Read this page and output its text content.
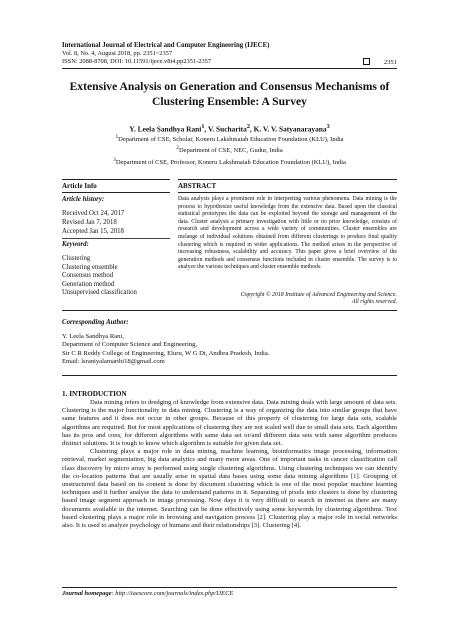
International Journal of Electrical and Computer Engineering (IJECE)
Vol. 8, No. 4, August 2018, pp. 2351~2357
ISSN: 2088-8708, DOI: 10.11591/ijece.v8i4.pp2351-2357	2351
Extensive Analysis on Generation and Consensus Mechanisms of Clustering Ensemble: A Survey
Y. Leela Sandhya Rani$^1$, V. Sucharita$^2$, K. V. V. Satyanarayana$^3$
$^1$Department of CSE, Scholar, Koneru Lakshmaiah Education Foundation (KLU), India
$^2$Department of CSE, NEC, Gudur, India
$^3$Department of CSE, Professor, Koneru Lakshmaiah Education Foundation (KLU), India
Article Info	ABSTRACT
Article history:
Received Oct 24, 2017
Revised Jan 7, 2018
Accepted Jan 15, 2018
Keyword:
Clustering
Clustering ensemble
Consensus method
Generation method
Unsupervised classification
Data analysis plays a prominent role in interpreting various phenomena. Data mining is the process to hypothesize useful knowledge from the extensive data. Based upon the classical statistical prototypes the data can be exploited beyond the storage and management of the data. Cluster analysis a primary investigation with little or no prior knowledge, consists of research and development across a wide variety of communities. Cluster ensembles are melange of individual solutions obtained from different clusterings to produce final quality clustering which is required in wider applications. The method arises in the perspective of increasing robustness, scalability and accuracy. This paper gives a brief overview of the generation methods and consensus functions included in cluster ensemble. The survey is to analyze the various techniques and cluster ensemble methods.
Copyright © 2018 Institute of Advanced Engineering and Science.
All rights reserved.
Corresponding Author:
Y. Leela Sandhya Rani,
Department of Computer Science and Engineering,
Sir C R Reddy College of Engineering, Eluru, W G Dt, Andhra Pradesh, India.
Email: lsraniyalamarthi18@gmail.com
1. INTRODUCTION

Data mining refers to dredging of knowledge from extensive data. Data mining deals with large amount of data sets. Clustering is the major functionality in data mining. Clustering is a way of organizing the data into similar groups that have same features and it does not occur in other groups. Because of this property of clustering for large data sets, scalable algorithms are required. But for most applications of clustering they are not scaled well due to small data sets. Each algorithm has its pros and cons, for different algorithms with same data set or/and different data sets with same algorithm produces distinct solutions. It is tough to know which algorithm is suitable for given data set.

Clustering plays a major role in data mining, machine learning, bioinformatics image processing, information retrieval, market segmentation, big data analytics and many more areas. One of important tasks in cancer classification call class discovery by micro array is performed using single clustering algorithms. Using clustering techniques we can identify the co-location patterns that are usually arise in spatial data bases using some data mining algorithms [1]. Grouping of unstructured data based on its content is done by document clustering which is one of the most popular machine learning techniques and it further analyse the data to understand patterns in it. Separating of pixels into clusters is done by clustering based image segment approach in image processing. Now days it is very difficult to search in internet as there are many documents available in the internet. Searching can be done effectively using some keywords by clustering algorithms. Text based clustering plays a major role in browsing and navigation process [2]. Clustering play a major role in social networks also. It is used to analyze psychology of humans and their relationships [3]. Clustering [4].

Journal homepage: http://iaescore.com/journals/index.php/IJECE
